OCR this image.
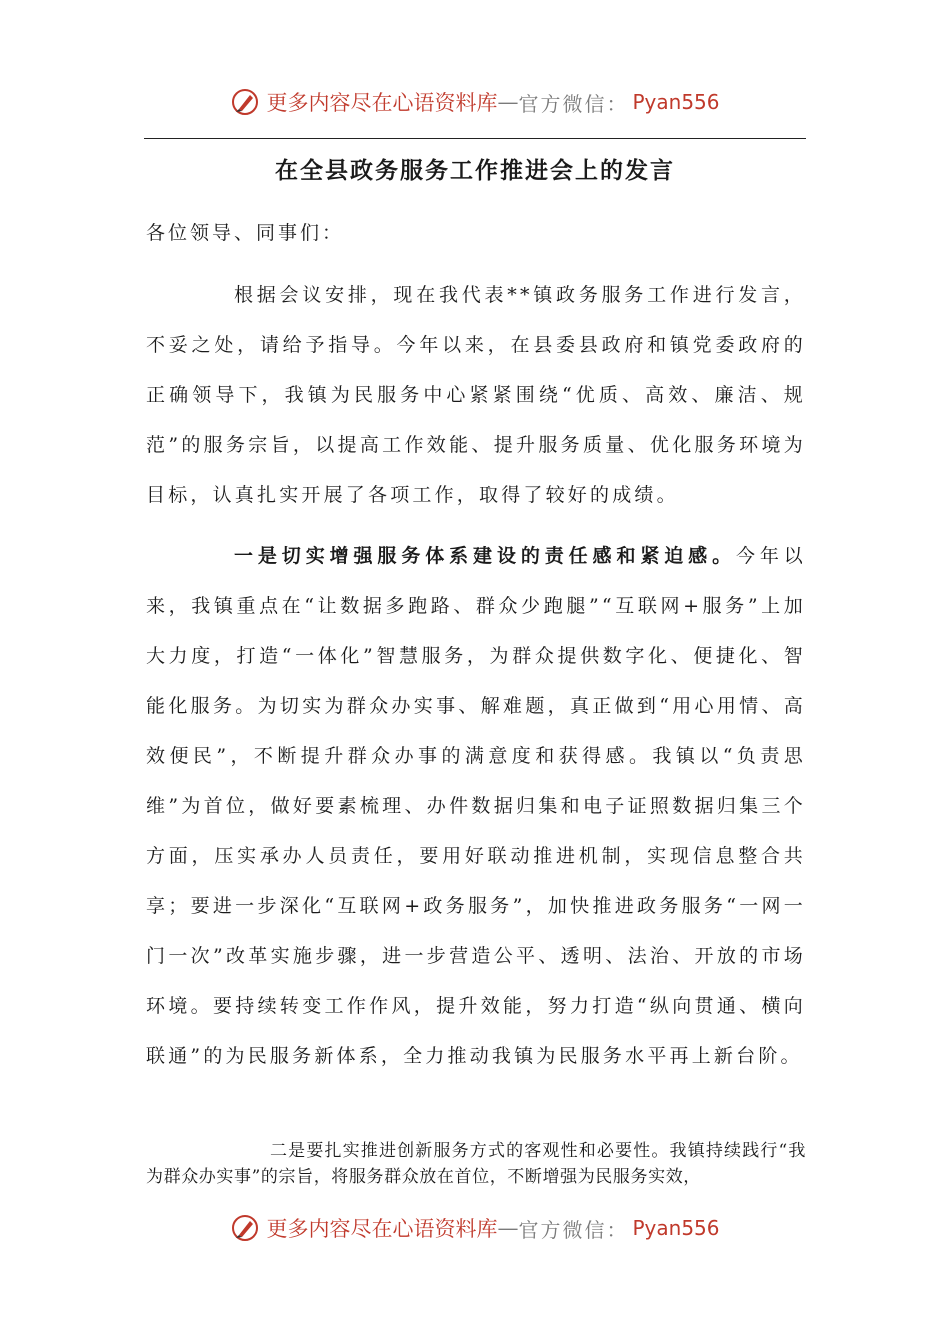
更多内容尽在心语资料库 — 官方微信： Pyan556
在全县政务服务工作推进会上的发言
各位领导、同事们：

根据会议安排，现在我代表**镇政务服务工作进行发言，不妥之处，请给予指导。今年以来，在县委县政府和镇党委政府的正确领导下，我镇为民服务中心紧紧围绕“优质、高效、廉洁、规范”的服务宗旨，以提高工作效能、提升服务质量、优化服务环境为目标，认真扎实开展了各项工作，取得了较好的成绩。

一是切实增强服务体系建设的责任感和紧迫感。今年以来，我镇重点在“让数据多跑路、群众少跑腿”“互联网+服务”上加大力度，打造“一体化”智慧服务，为群众提供数字化、便捷化、智能化服务。为切实为群众办实事、解难题，真正做到“用心用情、高效便民”，不断提升群众办事的满意度和获得感。我镇以“负责思维”为首位，做好要素梳理、办件数据归集和电子证照数据归集三个方面，压实承办人员责任，要用好联动推进机制，实现信息整合共享；要进一步深化“互联网+政务服务”，加快推进政务服务“一网一门一次”改革实施步骤，进一步营造公平、透明、法治、开放的市场环境。要持续转变工作作风，提升效能，努力打造“纵向贯通、横向联通”的为民服务新体系，全力推动我镇为民服务水平再上新台阶。

二是要扎实推进创新服务方式的客观性和必要性。我镇持续践行“我为群众办实事”的宗旨，将服务群众放在首位，不断增强为民服务实效，

更多内容尽在心语资料库 — 官方微信： Pyan556
